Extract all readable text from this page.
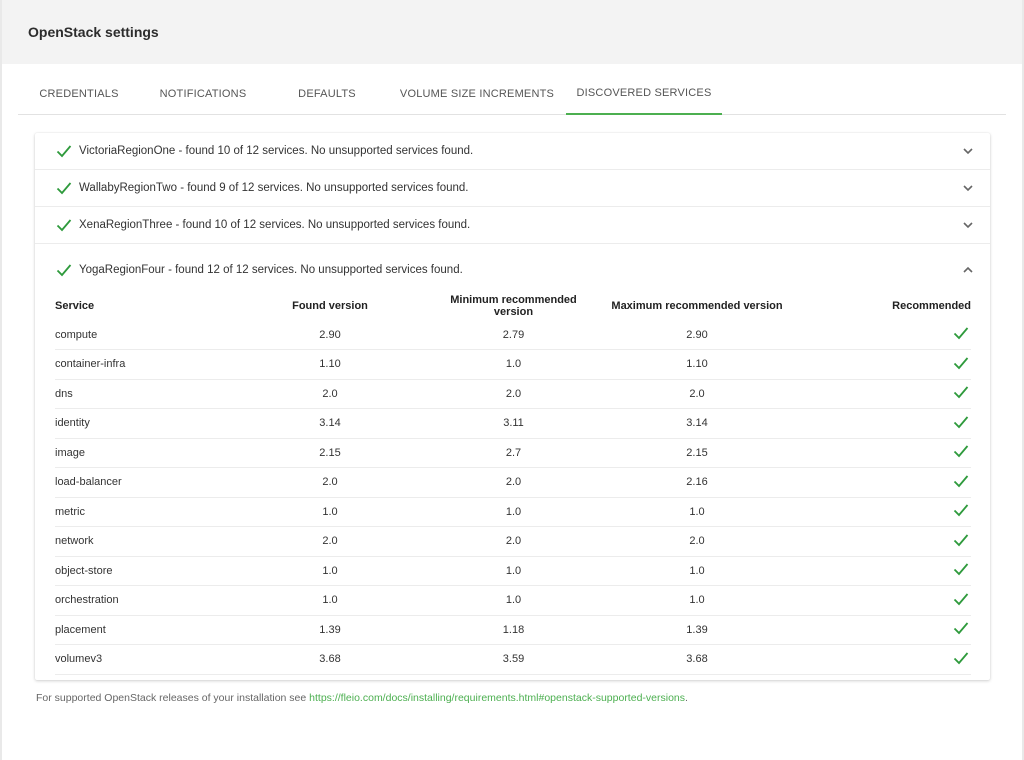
OpenStack settings
CREDENTIALS	NOTIFICATIONS	DEFAULTS	VOLUME SIZE INCREMENTS	DISCOVERED SERVICES
VictoriaRegionOne - found 10 of 12 services. No unsupported services found.
WallabyRegionTwo - found 9 of 12 services. No unsupported services found.
XenaRegionThree - found 10 of 12 services. No unsupported services found.
YogaRegionFour - found 12 of 12 services. No unsupported services found.
Service	Found version	Minimum recommended version	Maximum recommended version	Recommended
compute	2.90	2.79	2.90	
container-infra	1.10	1.0	1.10	
dns	2.0	2.0	2.0	
identity	3.14	3.11	3.14	
image	2.15	2.7	2.15	
load-balancer	2.0	2.0	2.16	
metric	1.0	1.0	1.0	
network	2.0	2.0	2.0	
object-store	1.0	1.0	1.0	
orchestration	1.0	1.0	1.0	
placement	1.39	1.18	1.39	
volumev3	3.68	3.59	3.68	
For supported OpenStack releases of your installation see https://fleio.com/docs/installing/requirements.html#openstack-supported-versions.
